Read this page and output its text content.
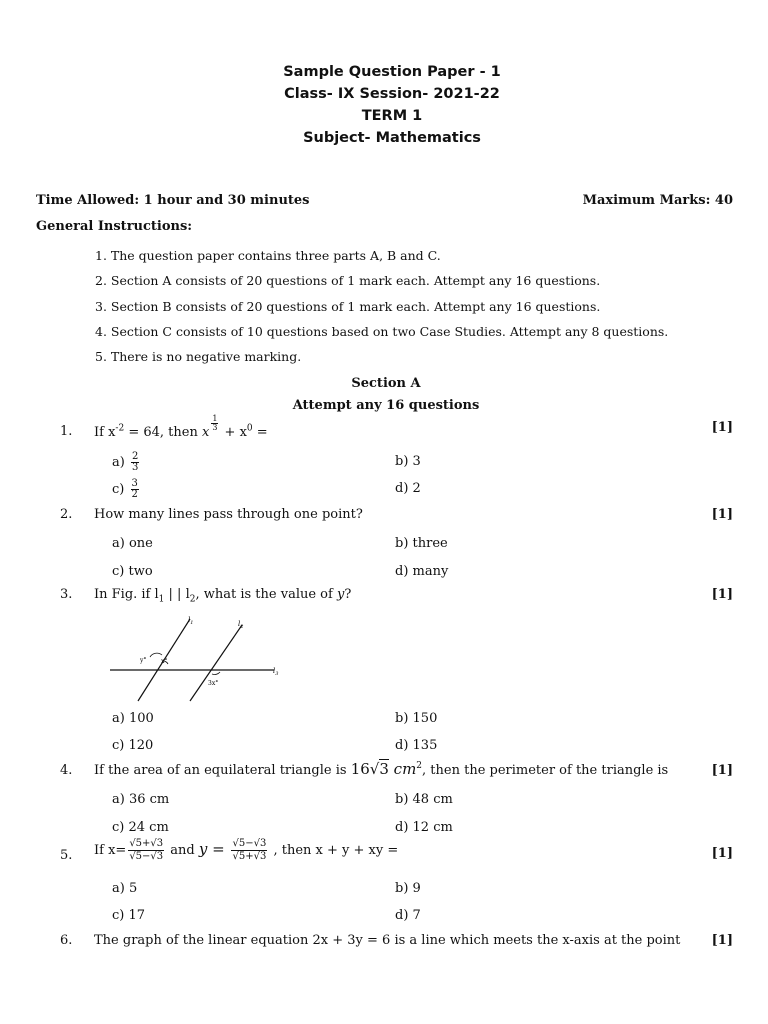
Sample Question Paper - 1
Class- IX Session- 2021-22
TERM 1
Subject- Mathematics
Time Allowed: 1 hour and 30 minutes	Maximum Marks: 40
General Instructions:
1. The question paper contains three parts A, B and C.
2. Section A consists of 20 questions of 1 mark each. Attempt any 16 questions.
3. Section B consists of 20 questions of 1 mark each. Attempt any 16 questions.
4. Section C consists of 10 questions based on two Case Studies. Attempt any 8 questions.
5. There is no negative marking.
Section A
Attempt any 16 questions
1. If $x^{-2} = 64$, then x
$\frac{1}{3}$
+ $x^0$ =	[1]
$a) \frac{2}{3}$	b) 3
$c) \frac{3}{2}$	d) 2
2. How many lines pass through one point?	[1]
a) one	b) three
c) two	d) many
3. In Fig. if $l_1$ | | $l_2$, what is the value of y?	[1]
$l_1$	$l_2$
$l_3$
y° x°
3x°
a) 100	b) 150
c) 120	d) 135
4. If the area of an equilateral triangle is 16√3 $cm^2$, then the perimeter of the triangle is	[1]
a) 36 cm	b) 48 cm
c) 24 cm	d) 12 cm
5. If $x= \frac{√5+√3}{√5-√3}$ and $y = \frac{√5-√3}{√5+√3}$ , then x + y + xy =	[1]
a) 5	b) 9
c) 17	d) 7
6. The graph of the linear equation 2x + 3y = 6 is a line which meets the x-axis at the point [1]
